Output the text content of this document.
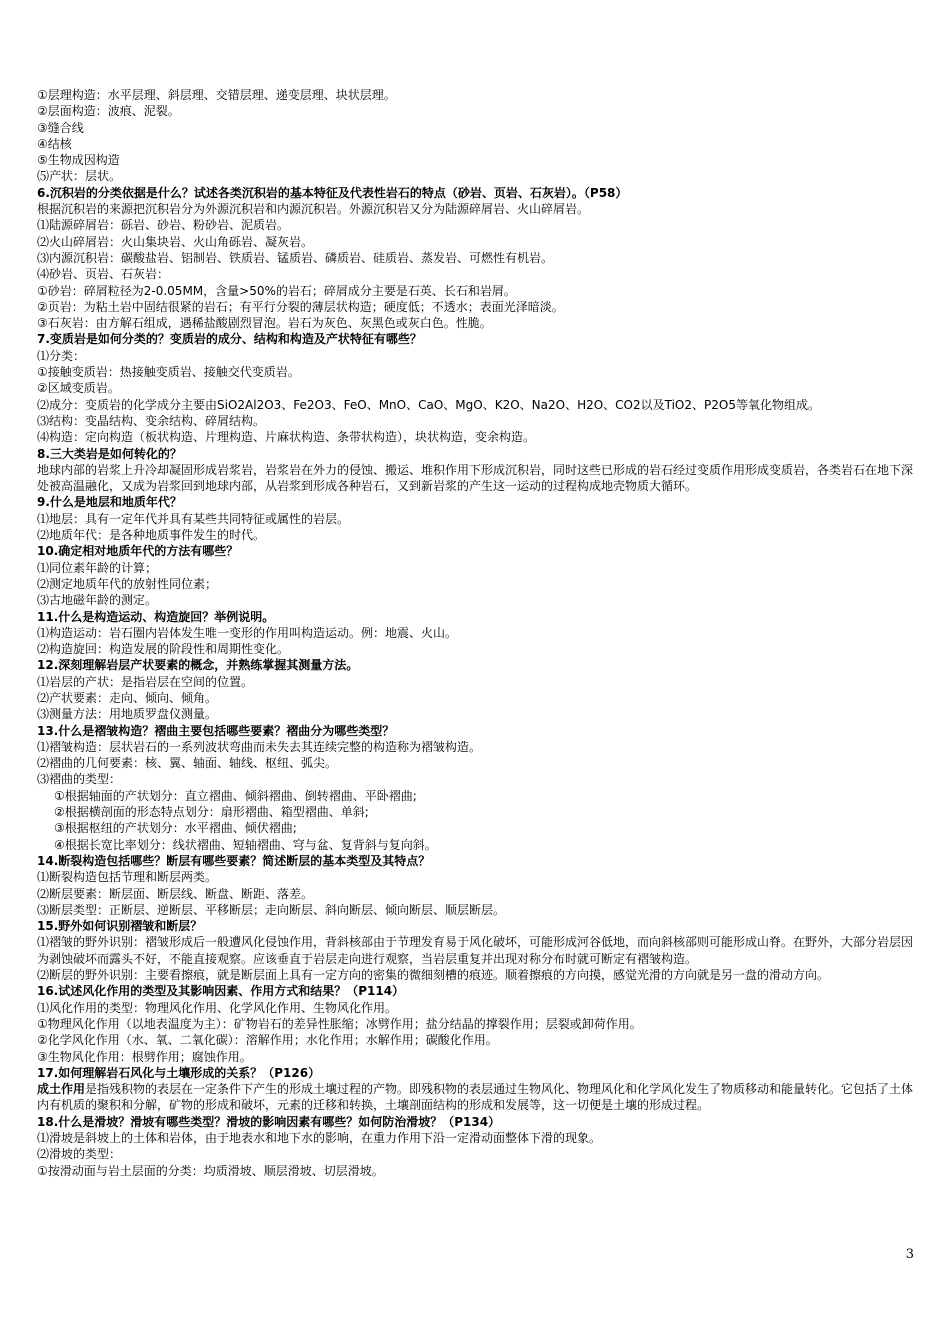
①层理构造：水平层理、斜层理、交错层理、递变层理、块状层理。
②层面构造：波痕、泥裂。
③缝合线
④结核
⑤生物成因构造
⑸产状：层状。
6.沉积岩的分类依据是什么？试述各类沉积岩的基本特征及代表性岩石的特点（砂岩、页岩、石灰岩）。（P58）
根据沉积岩的来源把沉积岩分为外源沉积岩和内源沉积岩。外源沉积岩又分为陆源碎屑岩、火山碎屑岩。
⑴陆源碎屑岩：砾岩、砂岩、粉砂岩、泥质岩。
⑵火山碎屑岩：火山集块岩、火山角砾岩、凝灰岩。
⑶内源沉积岩：碳酸盐岩、铝制岩、铁质岩、锰质岩、磷质岩、硅质岩、蒸发岩、可燃性有机岩。
⑷砂岩、页岩、石灰岩：
①砂岩：碎屑粒径为2-0.05MM，含量>50%的岩石；碎屑成分主要是石英、长石和岩屑。
②页岩：为粘土岩中固结很紧的岩石；有平行分裂的薄层状构造；硬度低；不透水；表面光泽暗淡。
③石灰岩：由方解石组成，遇稀盐酸剧烈冒泡。岩石为灰色、灰黑色或灰白色。性脆。
7.变质岩是如何分类的？变质岩的成分、结构和构造及产状特征有哪些？
⑴分类：
①接触变质岩：热接触变质岩、接触交代变质岩。
②区域变质岩。
⑵成分：变质岩的化学成分主要由SiO2Al2O3、Fe2O3、FeO、MnO、CaO、MgO、K2O、Na2O、H2O、CO2以及TiO2、P2O5等氧化物组成。
⑶结构：变晶结构、变余结构、碎屑结构。
⑷构造：定向构造（板状构造、片理构造、片麻状构造、条带状构造），块状构造，变余构造。
8.三大类岩是如何转化的？
地球内部的岩浆上升冷却凝固形成岩浆岩，岩浆岩在外力的侵蚀、搬运、堆积作用下形成沉积岩，同时这些已形成的岩石经过变质作用形成变质岩，各类岩石在地下深处被高温融化，又成为岩浆回到地球内部，从岩浆到形成各种岩石，又到新岩浆的产生这一运动的过程构成地壳物质大循环。
9.什么是地层和地质年代？
⑴地层：具有一定年代并具有某些共同特征或属性的岩层。
⑵地质年代：是各种地质事件发生的时代。
10.确定相对地质年代的方法有哪些？
⑴同位素年龄的计算；
⑵测定地质年代的放射性同位素；
⑶古地磁年龄的测定。
11.什么是构造运动、构造旋回？举例说明。
⑴构造运动：岩石圈内岩体发生唯一变形的作用叫构造运动。例：地震、火山。
⑵构造旋回：构造发展的阶段性和周期性变化。
12.深刻理解岩层产状要素的概念，并熟练掌握其测量方法。
⑴岩层的产状：是指岩层在空间的位置。
⑵产状要素：走向、倾向、倾角。
⑶测量方法：用地质罗盘仪测量。
13.什么是褶皱构造？褶曲主要包括哪些要素？褶曲分为哪些类型？
⑴褶皱构造：层状岩石的一系列波状弯曲而未失去其连续完整的构造称为褶皱构造。
⑵褶曲的几何要素：核、翼、轴面、轴线、枢纽、弧尖。
⑶褶曲的类型：
①根据轴面的产状划分：直立褶曲、倾斜褶曲、倒转褶曲、平卧褶曲;
②根据横剖面的形态特点划分：扇形褶曲、箱型褶曲、单斜;
③根据枢纽的产状划分：水平褶曲、倾伏褶曲;
④根据长宽比率划分：线状褶曲、短轴褶曲、穹与盆、复背斜与复向斜。
14.断裂构造包括哪些？断层有哪些要素？简述断层的基本类型及其特点？
⑴断裂构造包括节理和断层两类。
⑵断层要素：断层面、断层线、断盘、断距、落差。
⑶断层类型：正断层、逆断层、平移断层；走向断层、斜向断层、倾向断层、顺层断层。
15.野外如何识别褶皱和断层？
⑴褶皱的野外识别：褶皱形成后一般遭风化侵蚀作用，背斜核部由于节理发育易于风化破坏，可能形成河谷低地，而向斜核部则可能形成山脊。在野外，大部分岩层因为剥蚀破坏而露头不好，不能直接观察。应该垂直于岩层走向进行观察，当岩层重复并出现对称分布时就可断定有褶皱构造。
⑵断层的野外识别：主要看擦痕，就是断层面上具有一定方向的密集的微细刻槽的痕迹。顺着擦痕的方向摸，感觉光滑的方向就是另一盘的滑动方向。
16.试述风化作用的类型及其影响因素、作用方式和结果？（P114）
⑴风化作用的类型：物理风化作用、化学风化作用、生物风化作用。
①物理风化作用（以地表温度为主）：矿物岩石的差异性胀缩；冰劈作用；盐分结晶的撑裂作用；层裂或卸荷作用。
②化学风化作用（水、氧、二氧化碳）：溶解作用；水化作用；水解作用；碳酸化作用。
③生物风化作用：根劈作用；腐蚀作用。
17.如何理解岩石风化与土壤形成的关系？（P126）
成土作用是指残积物的表层在一定条件下产生的形成土壤过程的产物。即残积物的表层通过生物风化、物理风化和化学风化发生了物质移动和能量转化。它包括了土体内有机质的聚积和分解，矿物的形成和破坏，元素的迁移和转换，土壤剖面结构的形成和发展等，这一切便是土壤的形成过程。
18.什么是滑坡？滑坡有哪些类型？滑坡的影响因素有哪些？如何防治滑坡？（P134）
⑴滑坡是斜坡上的土体和岩体，由于地表水和地下水的影响，在重力作用下沿一定滑动面整体下滑的现象。
⑵滑坡的类型：
①按滑动面与岩土层面的分类：均质滑坡、顺层滑坡、切层滑坡。
3
